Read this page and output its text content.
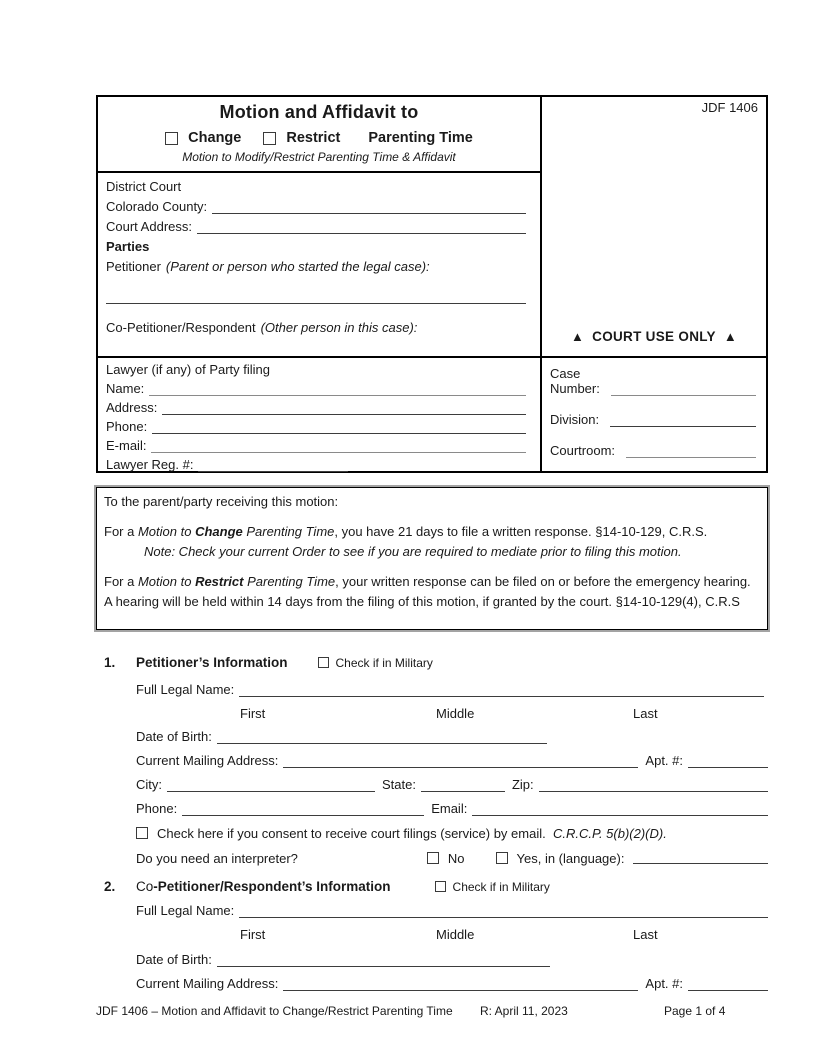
Motion and Affidavit to
Change	Restrict Parenting Time
Motion to Modify/Restrict Parenting Time & Affidavit
JDF 1406
▲ COURT USE ONLY ▲
District Court
Colorado County:
Court Address:
Parties
Petitioner (Parent or person who started the legal case):
Co-Petitioner/Respondent (Other person in this case):
Lawyer (if any) of Party filing
Name:
Address:
Phone:
E-mail:
Lawyer Reg. #:
Case
Number:
Division:
Courtroom:
To the parent/party receiving this motion:
For a Motion to Change Parenting Time, you have 21 days to file a written response. §14-10-129, C.R.S.
Note: Check your current Order to see if you are required to mediate prior to filing this motion.
For a Motion to Restrict Parenting Time, your written response can be filed on or before the emergency hearing. A hearing will be held within 14 days from the filing of this motion, if granted by the court. §14-10-129(4), C.R.S
1.	Petitioner’s Information	Check if in Military
Full Legal Name:
First	Middle	Last
Date of Birth:
Current Mailing Address:	Apt. #:
City:	State:	Zip:
Phone:	Email:
Check here if you consent to receive court filings (service) by email. C.R.C.P. 5(b)(2)(D).
Do you need an interpreter?	No	Yes, in (language):
2.	Co-Petitioner/Respondent’s Information	Check if in Military
Full Legal Name:
First	Middle	Last
Date of Birth:
Current Mailing Address:	Apt. #:
JDF 1406 – Motion and Affidavit to Change/Restrict Parenting Time R: April 11, 2023	Page 1 of 4
